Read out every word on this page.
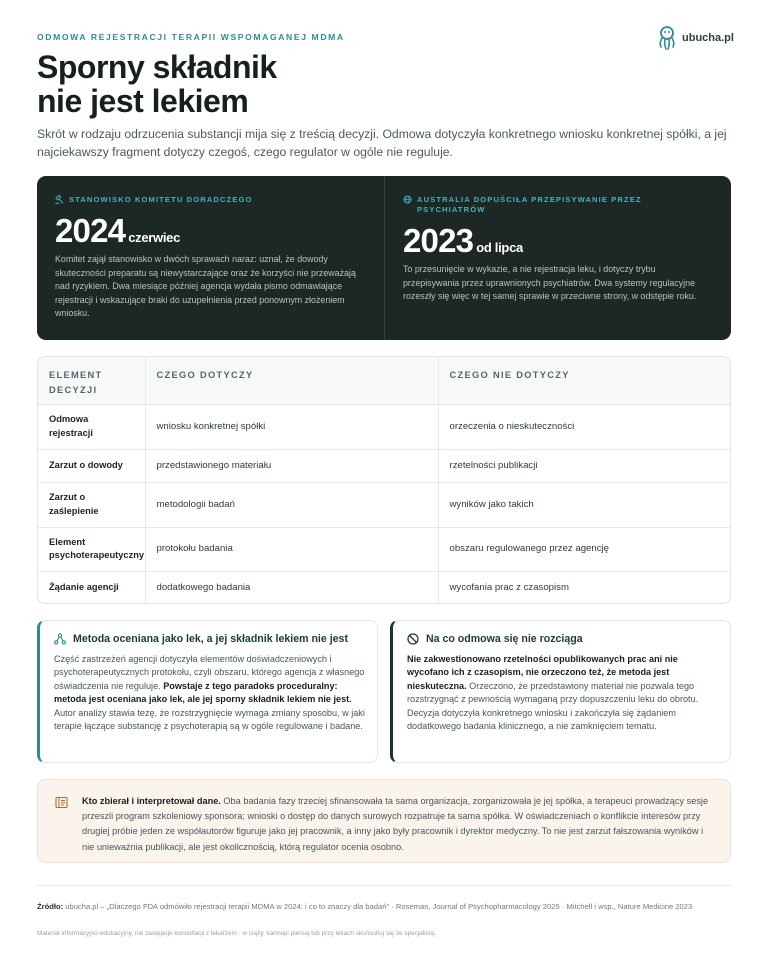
ODMOWA REJESTRACJI TERAPII WSPOMAGANEJ MDMA	ubucha.pl
Sporny składnik
nie jest lekiem

Skrót w rodzaju odrzucenia substancji mija się z treścią decyzji. Odmowa dotyczyła konkretnego wniosku konkretnej spółki, a jej najciekawszy fragment dotyczy czegoś, czego regulator w ogóle nie reguluje.

STANOWISKO KOMITETU DORADCZEGO
2024 czerwiec

Komitet zajął stanowisko w dwóch sprawach naraz: uznał, że dowody skuteczności preparatu są niewystarczające oraz że korzyści nie przeważają nad ryzykiem. Dwa miesiące później agencja wydała pismo odmawiające rejestracji i wskazujące braki do uzupełnienia przed ponownym złożeniem wniosku.

AUSTRALIA DOPUŚCIŁA PRZEPISYWANIE PRZEZ PSYCHIATRÓW
2023 od lipca

To przesunięcie w wykazie, a nie rejestracja leku, i dotyczy trybu przepisywania przez uprawnionych psychiatrów. Dwa systemy regulacyjne rozeszły się więc w tej samej sprawie w przeciwne strony, w odstępie roku.

ELEMENT DECYZJI	CZEGO DOTYCZY	CZEGO NIE DOTYCZY
Odmowa rejestracji	wniosku konkretnej spółki	orzeczenia o nieskuteczności
Zarzut o dowody	przedstawionego materiału	rzetelności publikacji
Zarzut o zaślepienie	metodologii badań	wyników jako takich
Element psychoterapeutyczny	protokołu badania	obszaru regulowanego przez agencję
Żądanie agencji	dodatkowego badania	wycofania prac z czasopism
Metoda oceniana jako lek, a jej składnik lekiem nie jest

Część zastrzeżeń agencji dotyczyła elementów doświadczeniowych i psychoterapeutycznych protokołu, czyli obszaru, którego agencja z własnego oświadczenia nie reguluje. Powstaje z tego paradoks proceduralny: metoda jest oceniana jako lek, ale jej sporny składnik lekiem nie jest. Autor analizy stawia tezę, że rozstrzygnięcie wymaga zmiany sposobu, w jaki terapie łączące substancję z psychoterapią są w ogóle regulowane i badane.

Na co odmowa się nie rozciąga

Nie zakwestionowano rzetelności opublikowanych prac ani nie wycofano ich z czasopism, nie orzeczono też, że metoda jest nieskuteczna. Orzeczono, że przedstawiony materiał nie pozwala tego rozstrzygnąć z pewnością wymaganą przy dopuszczeniu leku do obrotu. Decyzja dotyczyła konkretnego wniosku i zakończyła się żądaniem dodatkowego badania klinicznego, a nie zamknięciem tematu.

Kto zbierał i interpretował dane. Oba badania fazy trzeciej sfinansowała ta sama organizacja, zorganizowała je jej spółka, a terapeuci prowadzący sesje przeszli program szkoleniowy sponsora; wnioski o dostęp do danych surowych rozpatruje ta sama spółka. W oświadczeniach o konflikcie interesów przy drugiej próbie jeden ze współautorów figuruje jako jej pracownik, a inny jako były pracownik i dyrektor medyczny. To nie jest zarzut fałszowania wyników i nie unieważnia publikacji, ale jest okolicznością, którą regulator ocenia osobno.

Źródło: ubucha.pl – „Dlaczego FDA odmówiło rejestracji terapii MDMA w 2024: i co to znaczy dla badań" · Roseman, Journal of Psychopharmacology 2025 · Mitchell i wsp., Nature Medicine 2023

Materiał informacyjno-edukacyjny, nie zastępuje konsultacji z lekarzem · w ciąży, karmiąc piersią lub przy lekach skonsultuj się ze specjalistą.
